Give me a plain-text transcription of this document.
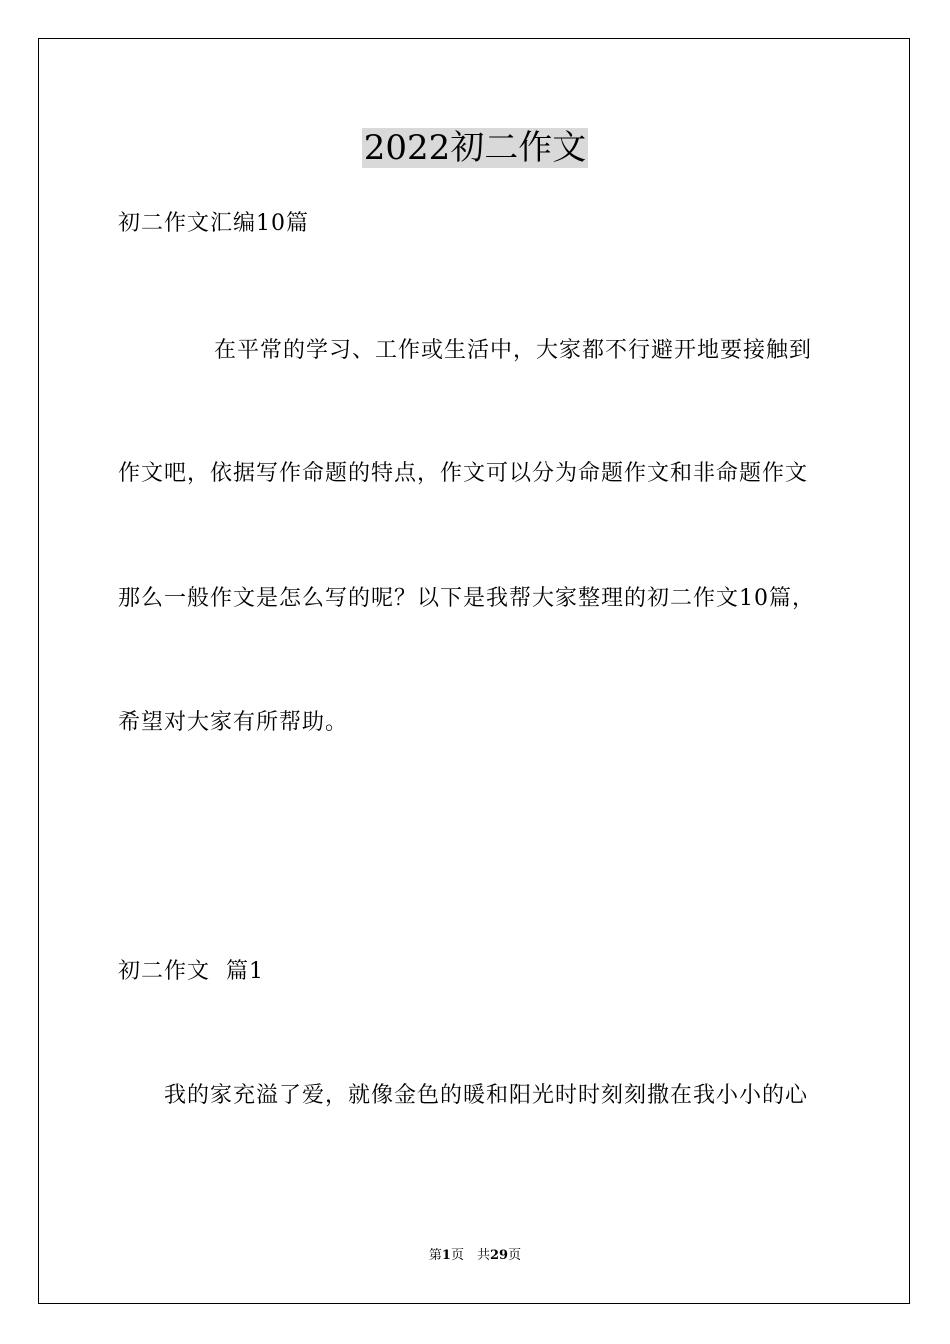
2022初二作文
初二作文汇编10篇
在平常的学习、工作或生活中，大家都不行避开地要接触到
作文吧，依据写作命题的特点，作文可以分为命题作文和非命题作文
那么一般作文是怎么写的呢？以下是我帮大家整理的初二作文10篇，
希望对大家有所帮助。
初二作文  篇1
我的家充溢了爱，就像金色的暖和阳光时时刻刻撒在我小小的心
第1页　共29页
